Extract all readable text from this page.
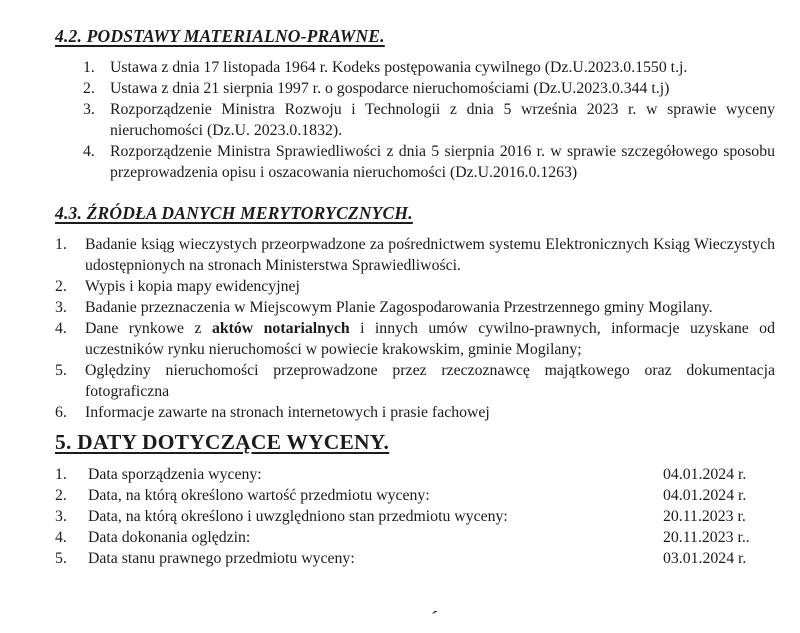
4.2. PODSTAWY MATERIALNO-PRAWNE.
1. Ustawa z dnia 17 listopada 1964 r. Kodeks postępowania cywilnego (Dz.U.2023.0.1550 t.j.
2. Ustawa z dnia 21 sierpnia 1997 r. o gospodarce nieruchomościami (Dz.U.2023.0.344 t.j)
3. Rozporządzenie Ministra Rozwoju i Technologii z dnia 5 września 2023 r. w sprawie wyceny nieruchomości (Dz.U. 2023.0.1832).
4. Rozporządzenie Ministra Sprawiedliwości z dnia 5 sierpnia 2016 r. w sprawie szczegółowego sposobu przeprowadzenia opisu i oszacowania nieruchomości (Dz.U.2016.0.1263)
4.3. ŹRÓDŁA DANYCH MERYTORYCZNYCH.
1.	Badanie ksiąg wieczystych przeorpwadzone za pośrednictwem systemu Elektronicznych Ksiąg Wieczystych udostępnionych na stronach Ministerstwa Sprawiedliwości.
2.	Wypis i kopia mapy ewidencyjnej
3.	Badanie przeznaczenia w Miejscowym Planie Zagospodarowania Przestrzennego gminy Mogilany.
4.	Dane rynkowe z aktów notarialnych i innych umów cywilno-prawnych, informacje uzyskane od uczestników rynku nieruchomości w powiecie krakowskim, gminie Mogilany;
5.	Oględziny nieruchomości przeprowadzone przez rzeczoznawcę majątkowego oraz dokumentacja fotograficzna
6.	Informacje zawarte na stronach internetowych i prasie fachowej
5. DATY DOTYCZĄCE WYCENY.
1.	Data sporządzenia wyceny:	04.01.2024 r.
2.	Data, na którą określono wartość przedmiotu wyceny:	04.01.2024 r.
3.	Data, na którą określono i uwzględniono stan przedmiotu wyceny:	20.11.2023 r.
4.	Data dokonania oględzin:	20.11.2023 r..
5.	Data stanu prawnego przedmiotu wyceny:	03.01.2024 r.
´
